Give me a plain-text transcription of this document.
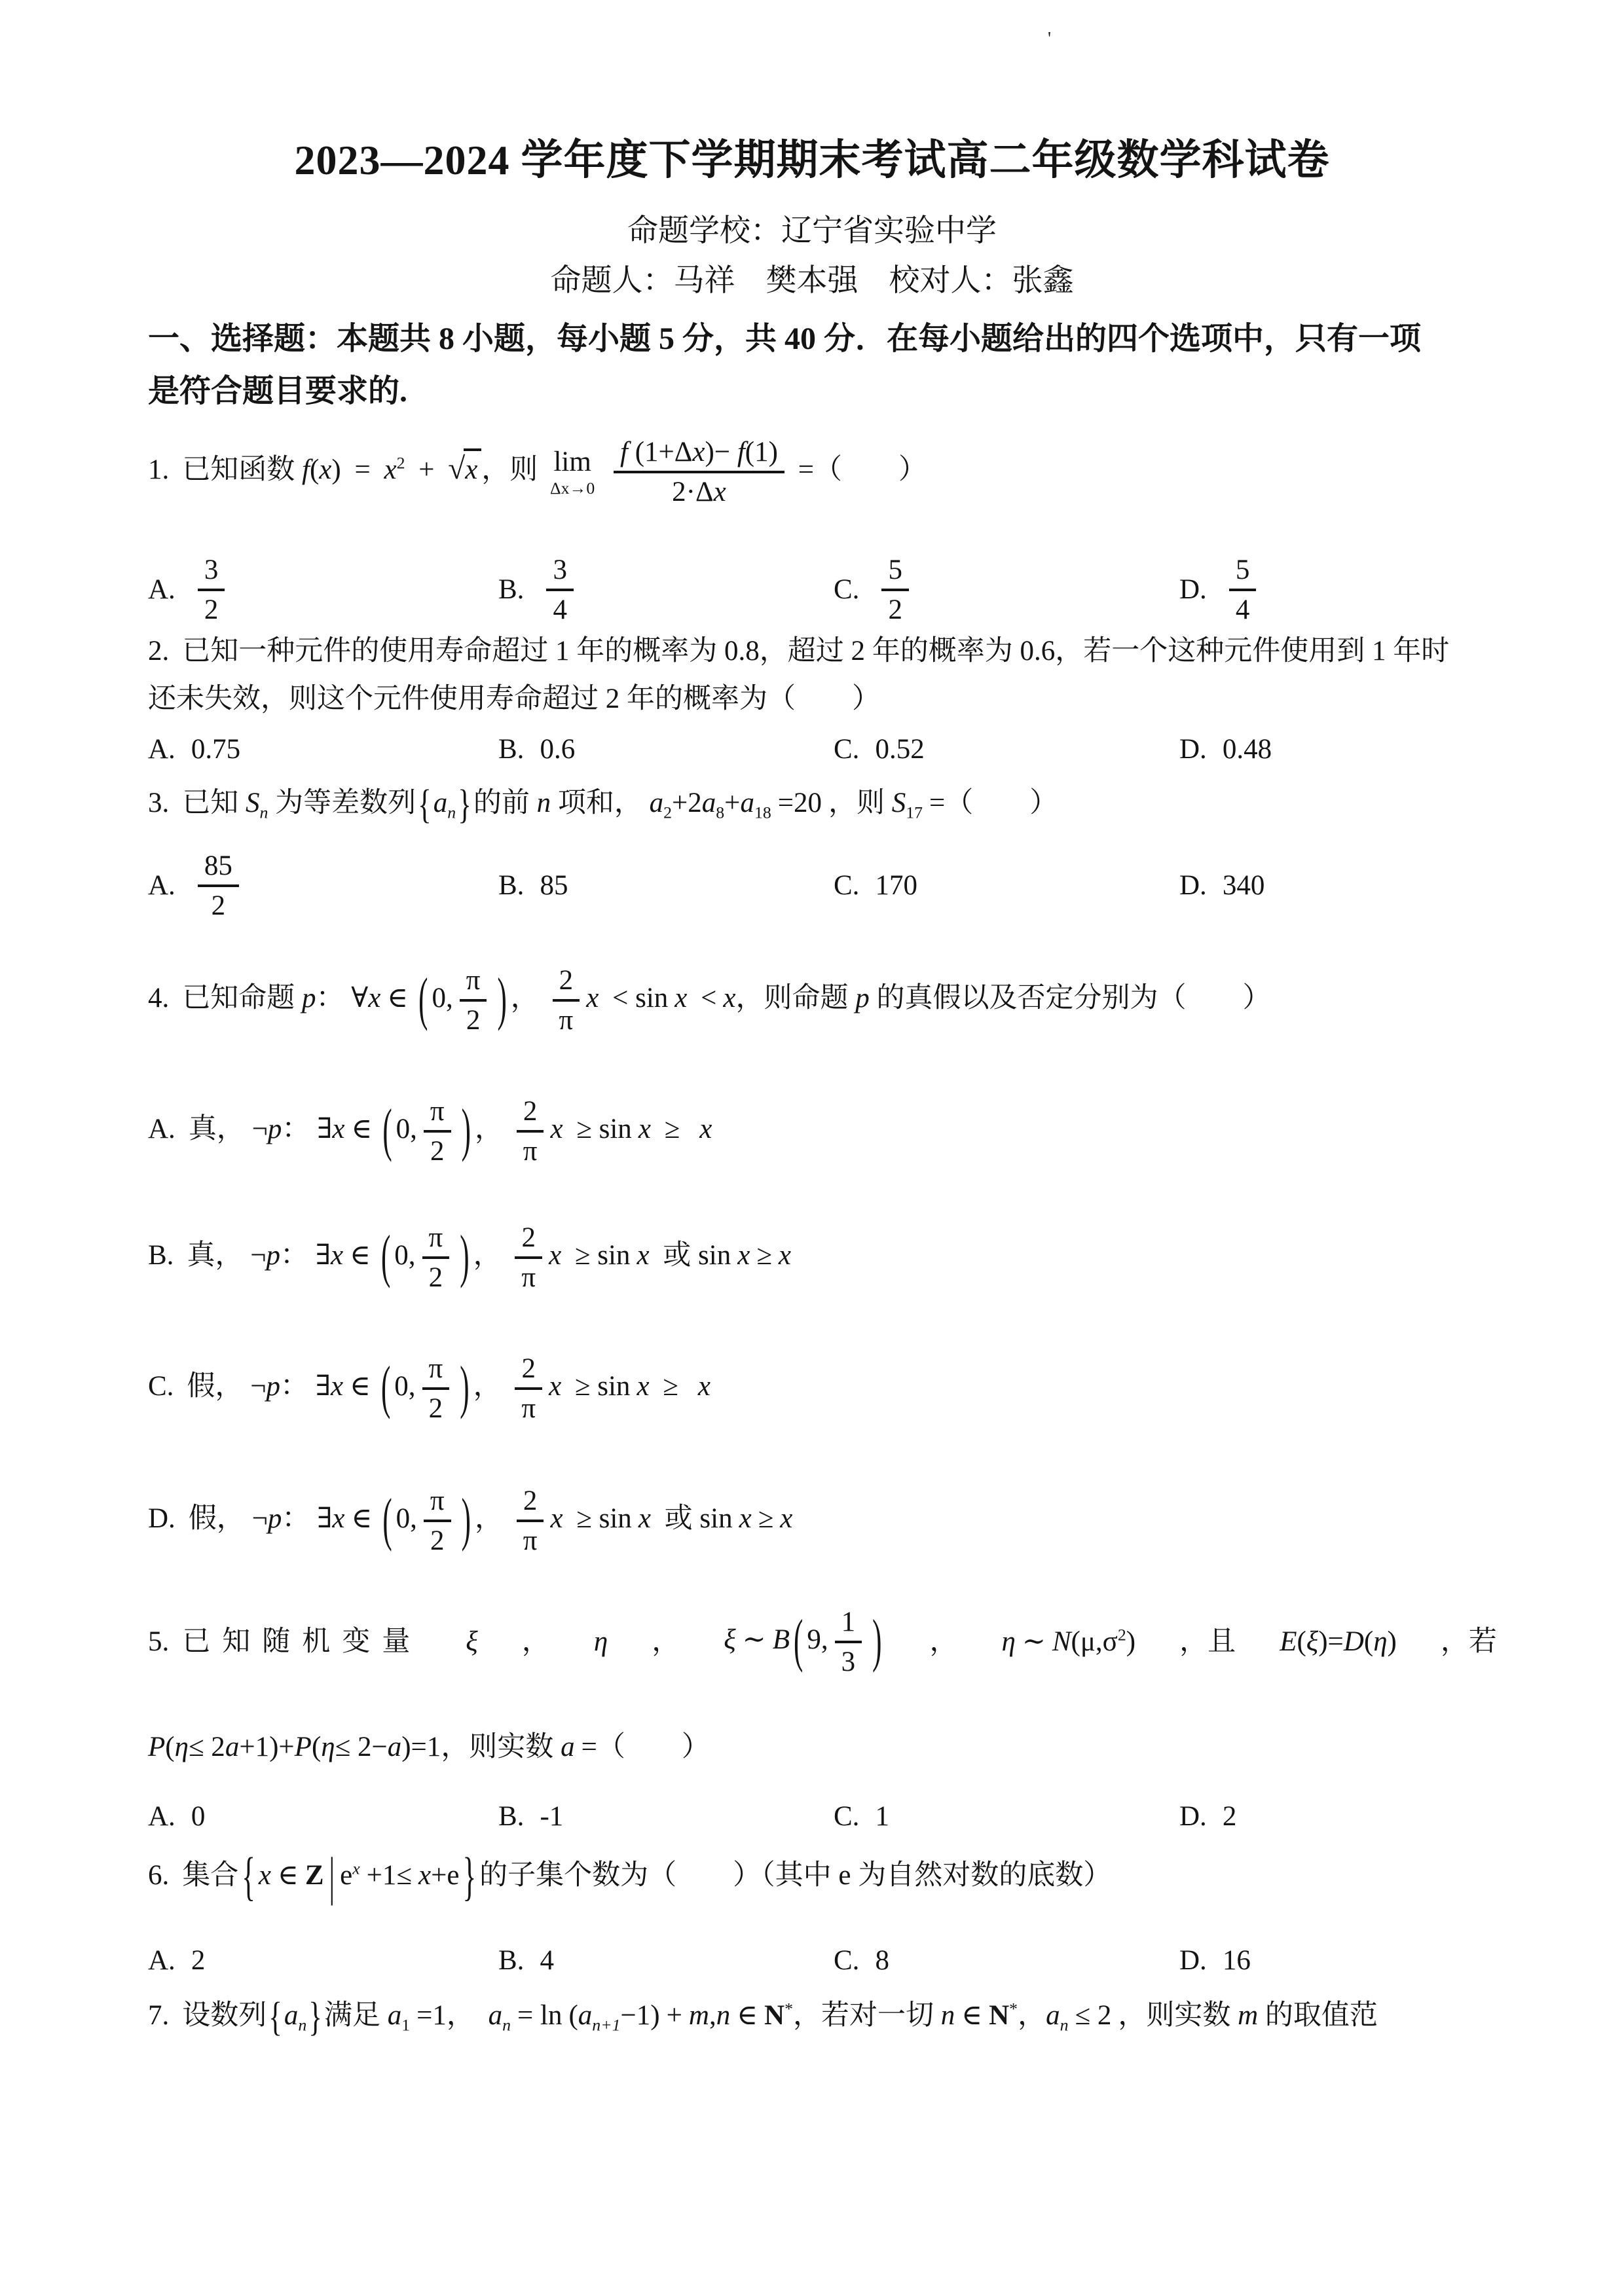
'
2023—2024 学年度下学期期末考试高二年级数学科试卷
命题学校：辽宁省实验中学
命题人：马祥　樊本强　校对人：张鑫
一、选择题：本题共 8 小题，每小题 5 分，共 40 分．在每小题给出的四个选项中，只有一项
是符合题目要求的.
1. 已知函数 $f(x) = x^2 + √x$ ，则 lim
Δx→0
$\frac{f (1+\Delta x)- f(1)}{2\cdot\Delta x}$ =（　　）
A. $\frac{3}{2}$	B. $\frac{3}{4}$	C. $\frac{5}{2}$	D. $\frac{5}{4}$
2. 已知一种元件的使用寿命超过 1 年的概率为 0.8，超过 2 年的概率为 0.6，若一个这种元件使用到 1 年时
还未失效，则这个元件使用寿命超过 2 年的概率为（　　）
A. 0.75	B. 0.6	C. 0.52	D. 0.48
3. 已知 $S_n$ 为等差数列$\{a_n\}$的前 n 项和， $a_2+2a_8+a_{18} =20$ ，则 $S_{17}$ =（　　）
A. $\frac{85}{2}$	B. 85	C. 170	D. 340
4. 已知命题 p： ∀x ∈ ( 0, $\frac{\pi}{2}$ ) ， $\frac{2}{\pi}$ x < sin x < x，则命题 p 的真假以及否定分别为（　　）
A. 真， ¬p： ∃x ∈ ( 0, $\frac{\pi}{2}$ ) ， $\frac{2}{\pi}$ x ≥ sin x ≥ x
B. 真， ¬p： ∃x ∈ ( 0, $\frac{\pi}{2}$ ) ， $\frac{2}{\pi}$ x ≥ sin x 或 sin x ≥ x
C. 假， ¬p： ∃x ∈ ( 0, $\frac{\pi}{2}$ ) ， $\frac{2}{\pi}$ x ≥ sin x ≥ x
D. 假， ¬p： ∃x ∈ ( 0, $\frac{\pi}{2}$ ) ， $\frac{2}{\pi}$ x ≥ sin x 或 sin x ≥ x
5. 已知随机变量 ξ ， η ， ξ ∼ B ( 9, $\frac{1}{3}$ ) ， η ∼ $N(\mu,\sigma^2)$ ，且 E(ξ)=D(η) ，若
P(η≤ 2a+1)+P(η≤ 2−a)=1，则实数 a =（　　）
A. 0	B. -1	C. 1	D. 2
6. 集合 { x ∈ Z | $e^x +1\le x+e$ } 的子集个数为（　　）（其中 e 为自然对数的底数）
A. 2	B. 4	C. 8	D. 16
7. 设数列$\{a_n\}$满足 $a_1 =1$， $a_n = \ln (a_{n+1}-1) + m,n$ ∈ N*，若对一切 n ∈ N*，$a_n \le 2$ ，则实数 m 的取值范
